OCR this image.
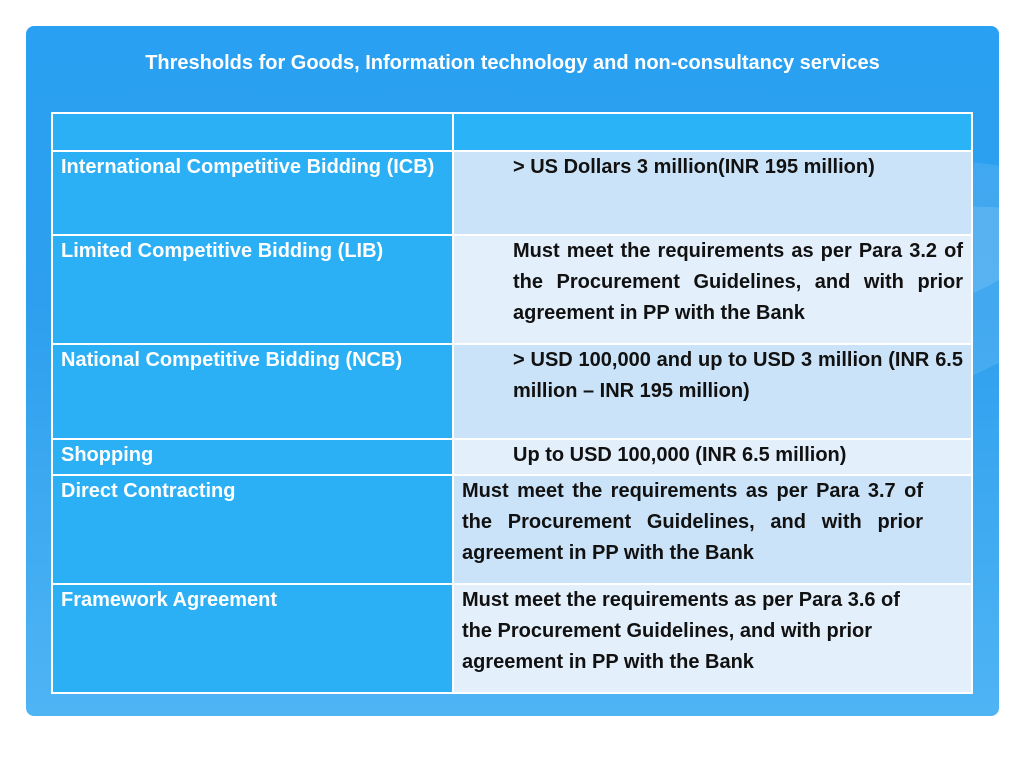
Thresholds for Goods, Information technology and non-consultancy services

International Competitive Bidding (ICB)	> US Dollars 3 million(INR 195 million)
Limited Competitive Bidding (LIB)	Must meet the requirements as per Para 3.2 of the Procurement Guidelines, and with prior agreement in PP with the Bank
National Competitive Bidding (NCB)	> USD 100,000 and up to USD 3 million (INR 6.5 million – INR 195 million)
Shopping	Up to USD 100,000 (INR 6.5 million)
Direct Contracting	Must meet the requirements as per Para 3.7 of the Procurement Guidelines, and with prior agreement in PP with the Bank
Framework Agreement	Must meet the requirements as per Para 3.6 of the Procurement Guidelines, and with prior agreement in PP with the Bank
